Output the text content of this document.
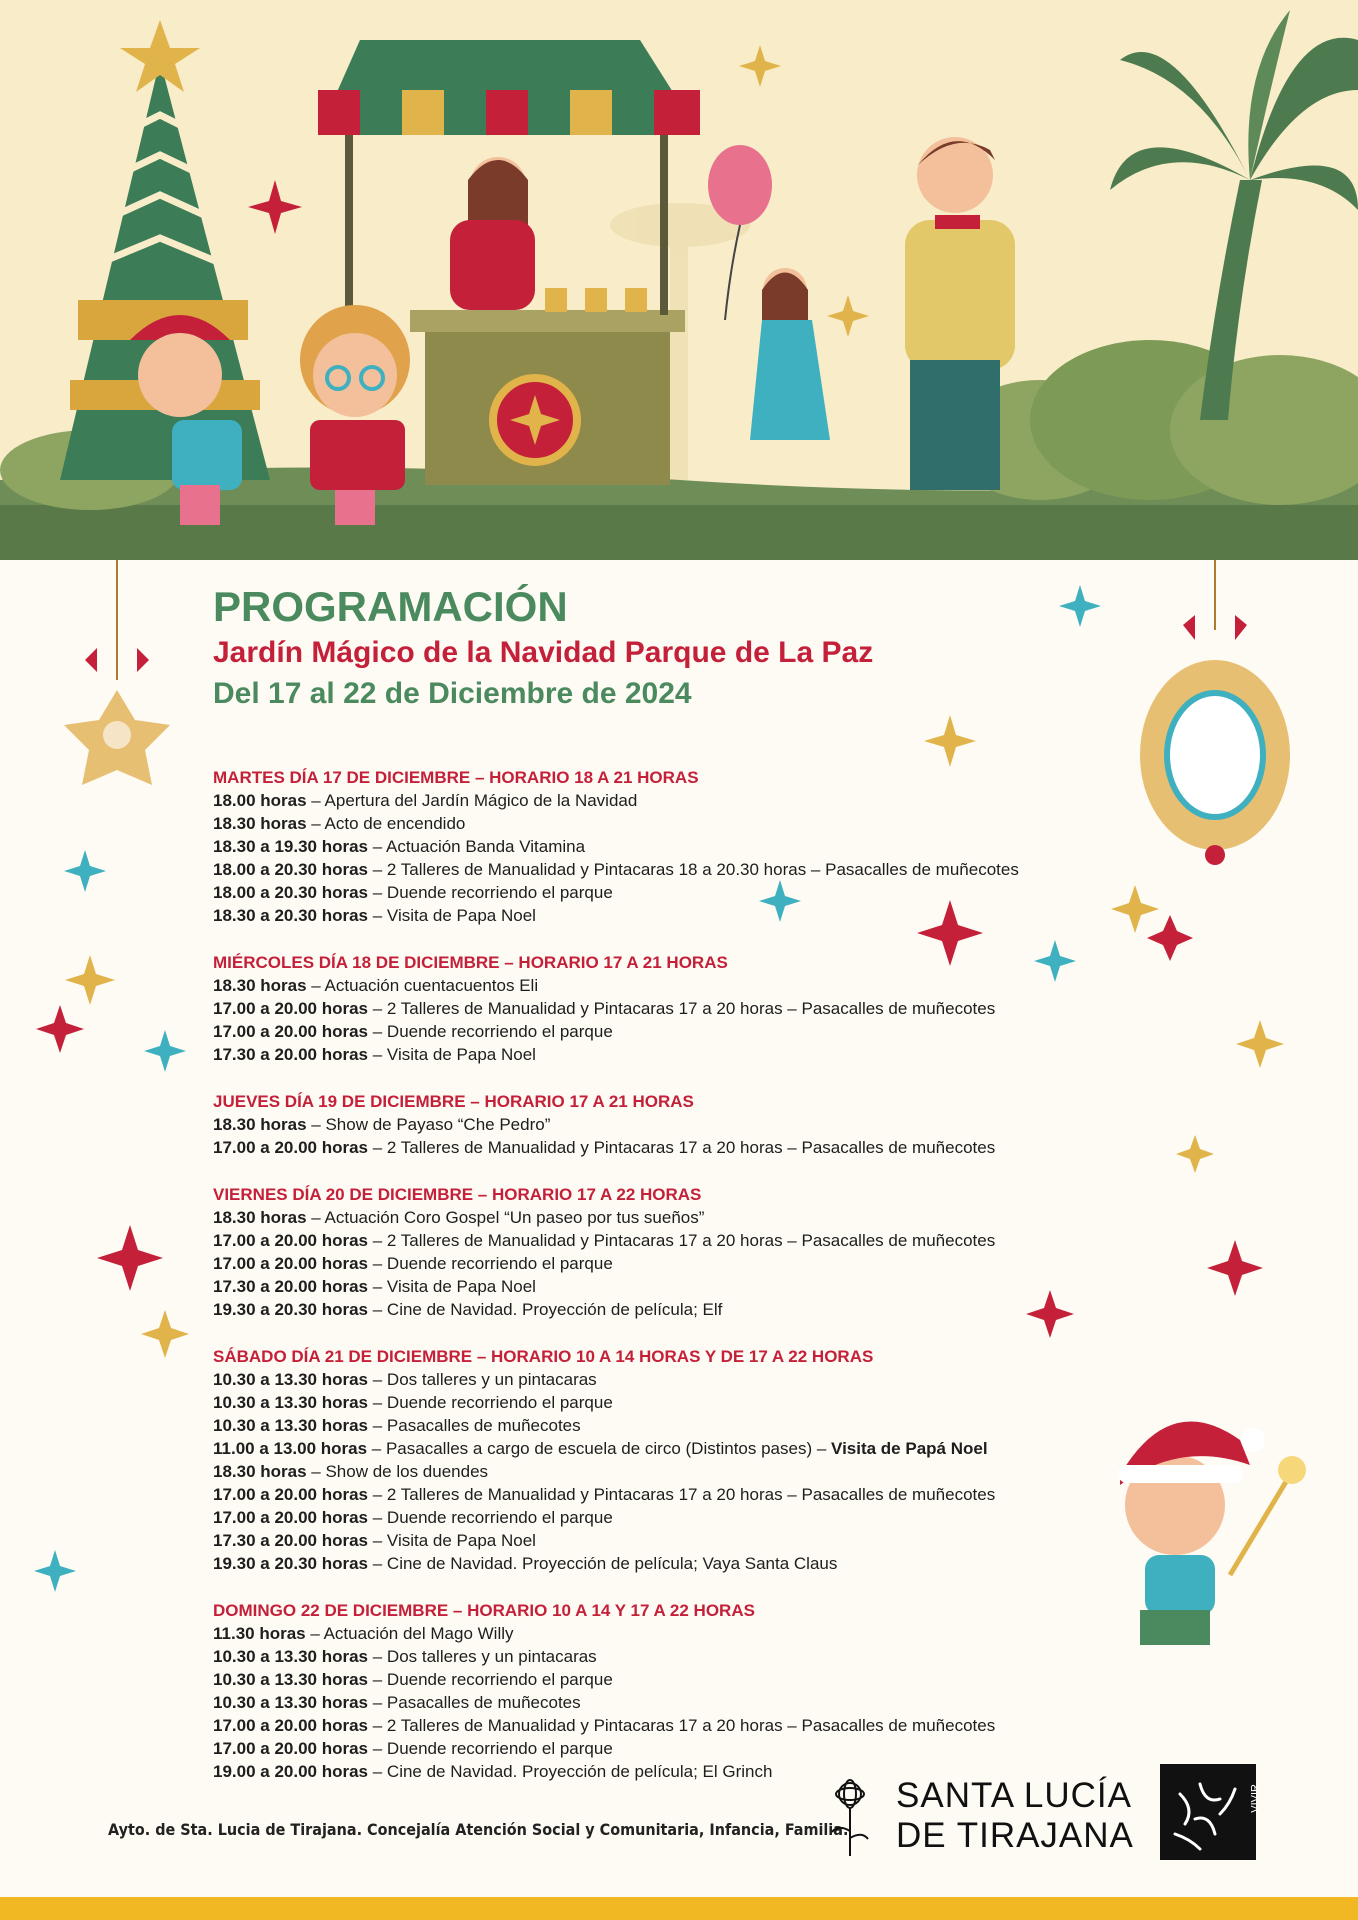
PROGRAMACIÓN

Jardín Mágico de la Navidad Parque de La Paz

Del 17 al 22 de Diciembre de 2024

MARTES DÍA 17 DE DICIEMBRE – HORARIO 18 A 21 HORAS
18.00 horas – Apertura del Jardín Mágico de la Navidad
18.30 horas – Acto de encendido
18.30 a 19.30 horas – Actuación Banda Vitamina
18.00 a 20.30 horas – 2 Talleres de Manualidad y Pintacaras 18 a 20.30 horas – Pasacalles de muñecotes
18.00 a 20.30 horas – Duende recorriendo el parque
18.30 a 20.30 horas – Visita de Papa Noel
MIÉRCOLES DÍA 18 DE DICIEMBRE – HORARIO 17 A 21 HORAS
18.30 horas – Actuación cuentacuentos Eli
17.00 a 20.00 horas – 2 Talleres de Manualidad y Pintacaras 17 a 20 horas – Pasacalles de muñecotes
17.00 a 20.00 horas – Duende recorriendo el parque
17.30 a 20.00 horas – Visita de Papa Noel
JUEVES DÍA 19 DE DICIEMBRE – HORARIO 17 A 21 HORAS
18.30 horas – Show de Payaso “Che Pedro”
17.00 a 20.00 horas – 2 Talleres de Manualidad y Pintacaras 17 a 20 horas – Pasacalles de muñecotes
VIERNES DÍA 20 DE DICIEMBRE – HORARIO 17 A 22 HORAS
18.30 horas – Actuación Coro Gospel “Un paseo por tus sueños”
17.00 a 20.00 horas – 2 Talleres de Manualidad y Pintacaras 17 a 20 horas – Pasacalles de muñecotes
17.00 a 20.00 horas – Duende recorriendo el parque
17.30 a 20.00 horas – Visita de Papa Noel
19.30 a 20.30 horas – Cine de Navidad. Proyección de película; Elf
SÁBADO DÍA 21 DE DICIEMBRE – HORARIO 10 A 14 HORAS Y DE 17 A 22 HORAS
10.30 a 13.30 horas – Dos talleres y un pintacaras
10.30 a 13.30 horas – Duende recorriendo el parque
10.30 a 13.30 horas – Pasacalles de muñecotes
11.00 a 13.00 horas – Pasacalles a cargo de escuela de circo (Distintos pases) – Visita de Papá Noel
18.30 horas – Show de los duendes
17.00 a 20.00 horas – 2 Talleres de Manualidad y Pintacaras 17 a 20 horas – Pasacalles de muñecotes
17.00 a 20.00 horas – Duende recorriendo el parque
17.30 a 20.00 horas – Visita de Papa Noel
19.30 a 20.30 horas – Cine de Navidad. Proyección de película; Vaya Santa Claus
DOMINGO 22 DE DICIEMBRE – HORARIO 10 A 14 Y 17 A 22 HORAS
11.30 horas – Actuación del Mago Willy
10.30 a 13.30 horas – Dos talleres y un pintacaras
10.30 a 13.30 horas – Duende recorriendo el parque
10.30 a 13.30 horas – Pasacalles de muñecotes
17.00 a 20.00 horas – 2 Talleres de Manualidad y Pintacaras 17 a 20 horas – Pasacalles de muñecotes
17.00 a 20.00 horas – Duende recorriendo el parque
19.00 a 20.00 horas – Cine de Navidad. Proyección de película; El Grinch
Ayto. de Sta. Lucia de Tirajana. Concejalía Atención Social y Comunitaria, Infancia, Familia.
SANTA LUCÍA
DE TIRAJANA
VIVIR
